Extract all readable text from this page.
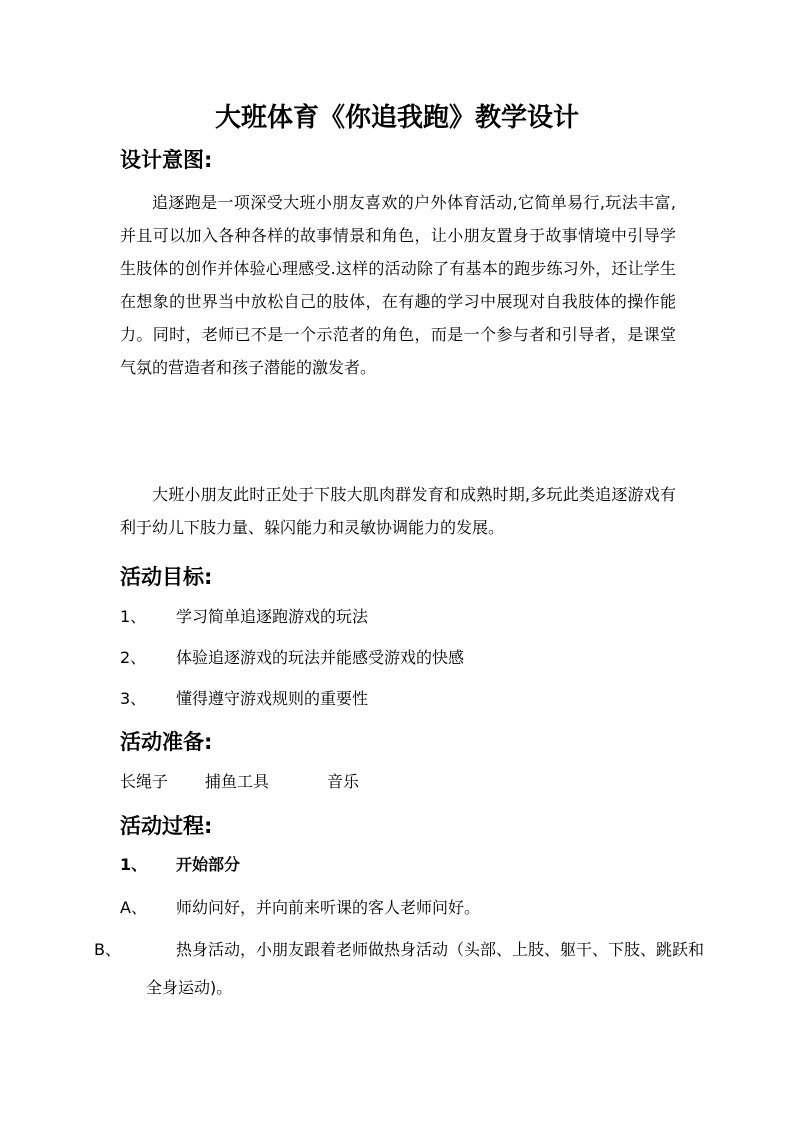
大班体育《你追我跑》教学设计
设计意图:

追逐跑是一项深受大班小朋友喜欢的户外体育活动,它简单易行,玩法丰富,并且可以加入各种各样的故事情景和角色，让小朋友置身于故事情境中引导学生肢体的创作并体验心理感受.这样的活动除了有基本的跑步练习外，还让学生在想象的世界当中放松自己的肢体，在有趣的学习中展现对自我肢体的操作能力。同时，老师已不是一个示范者的角色，而是一个参与者和引导者，是课堂气氛的营造者和孩子潜能的激发者。

大班小朋友此时正处于下肢大肌肉群发育和成熟时期,多玩此类追逐游戏有利于幼儿下肢力量、躲闪能力和灵敏协调能力的发展。

活动目标:
1、 学习简单追逐跑游戏的玩法
2、 体验追逐游戏的玩法并能感受游戏的快感
3、 懂得遵守游戏规则的重要性
活动准备:
长绳子 捕鱼工具	音乐
活动过程:
1、 开始部分
A、 师幼问好，并向前来听课的客人老师问好。
B、	热身活动，小朋友跟着老师做热身活动（头部、上肢、躯干、下肢、跳跃和全身运动)。
